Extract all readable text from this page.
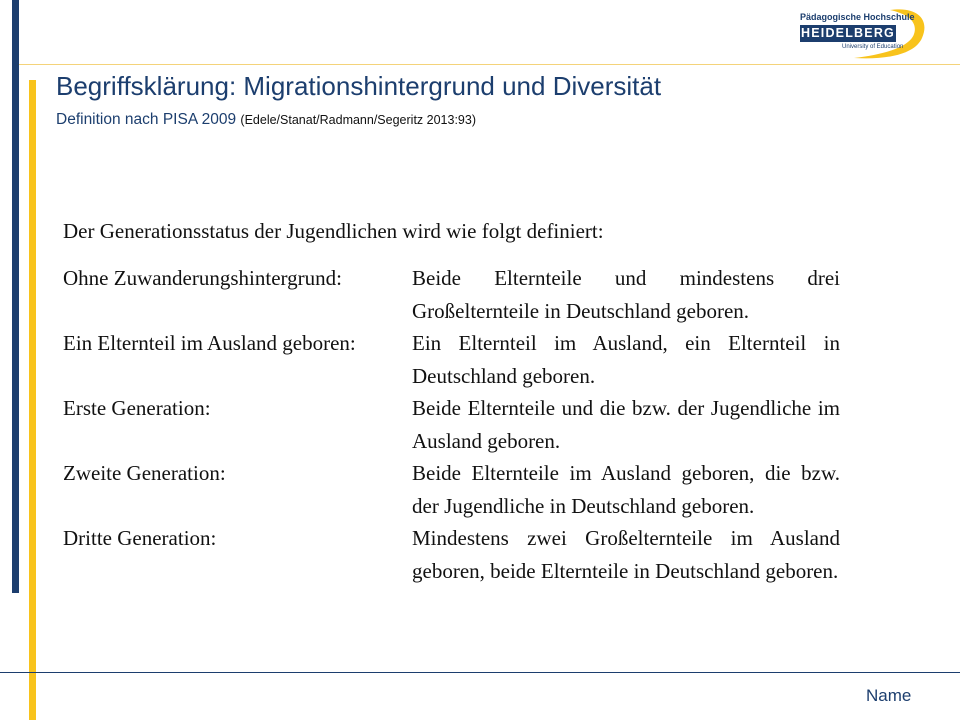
Pädagogische Hochschule
HEIDELBERG
University of Education
Begriffsklärung: Migrationshintergrund und Diversität

Definition nach PISA 2009 (Edele/Stanat/Radmann/Segeritz 2013:93)

Der Generationsstatus der Jugendlichen wird wie folgt definiert:

Ohne Zuwanderungshintergrund:	Beide Elternteile und mindestens drei Großelternteile in Deutschland geboren.
Ein Elternteil im Ausland geboren:	Ein Elternteil im Ausland, ein Elternteil in Deutschland geboren.
Erste Generation:	Beide Elternteile und die bzw. der Jugendliche im Ausland geboren.
Zweite Generation:	Beide Elternteile im Ausland geboren, die bzw. der Jugendliche in Deutschland geboren.
Dritte Generation:	Mindestens zwei Großelternteile im Ausland geboren, beide Elternteile in Deutschland geboren.
Name
